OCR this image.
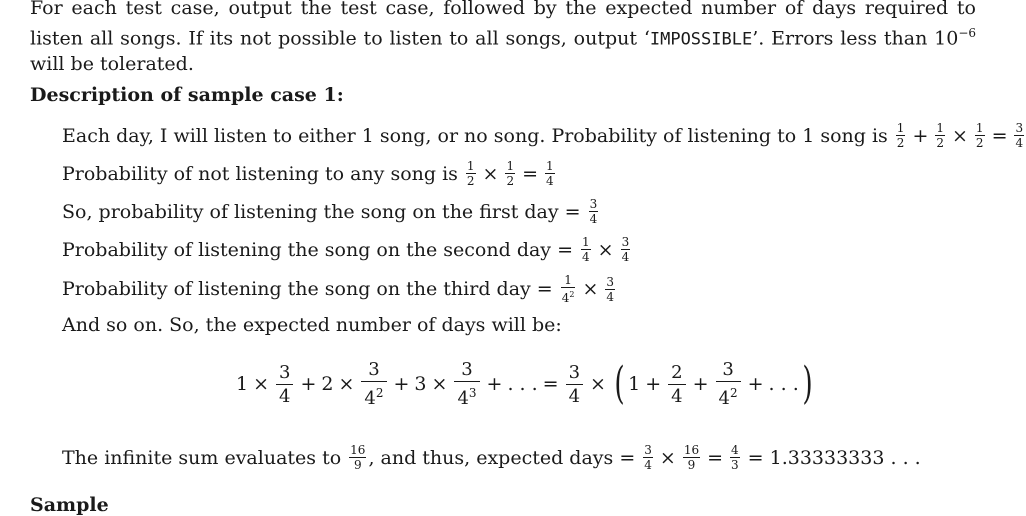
For each test case, output the test case, followed by the expected number of days required to listen all songs. If its not possible to listen to all songs, output ‘IMPOSSIBLE’. Errors less than $10^{-6}$ will be tolerated.
Description of sample case 1:
Each day, I will listen to either 1 song, or no song. Probability of listening to 1 song is $\frac{1}{2} + \frac{1}{2} \times \frac{1}{2} = \frac{3}{4}$
Probability of not listening to any song is $\frac{1}{2} \times \frac{1}{2} = \frac{1}{4}$
So, probability of listening the song on the first day = $\frac{3}{4}$
Probability of listening the song on the second day = $\frac{1}{4} \times \frac{3}{4}$
Probability of listening the song on the third day = $\frac{1}{4^2} \times \frac{3}{4}$
And so on. So, the expected number of days will be:
$1 \times \frac{3}{4} + 2 \times \frac{3}{4^2} + 3 \times \frac{3}{4^3}$ + . . . = $\frac{3}{4}$ × ( $1 + \frac{2}{4} + \frac{3}{4^2}$ + . . . )
The infinite sum evaluates to $\frac{16}{9}$ , and thus, expected days = $\frac{3}{4} \times \frac{16}{9} = \frac{4}{3} = 1.33333333$ . . .
Sample
